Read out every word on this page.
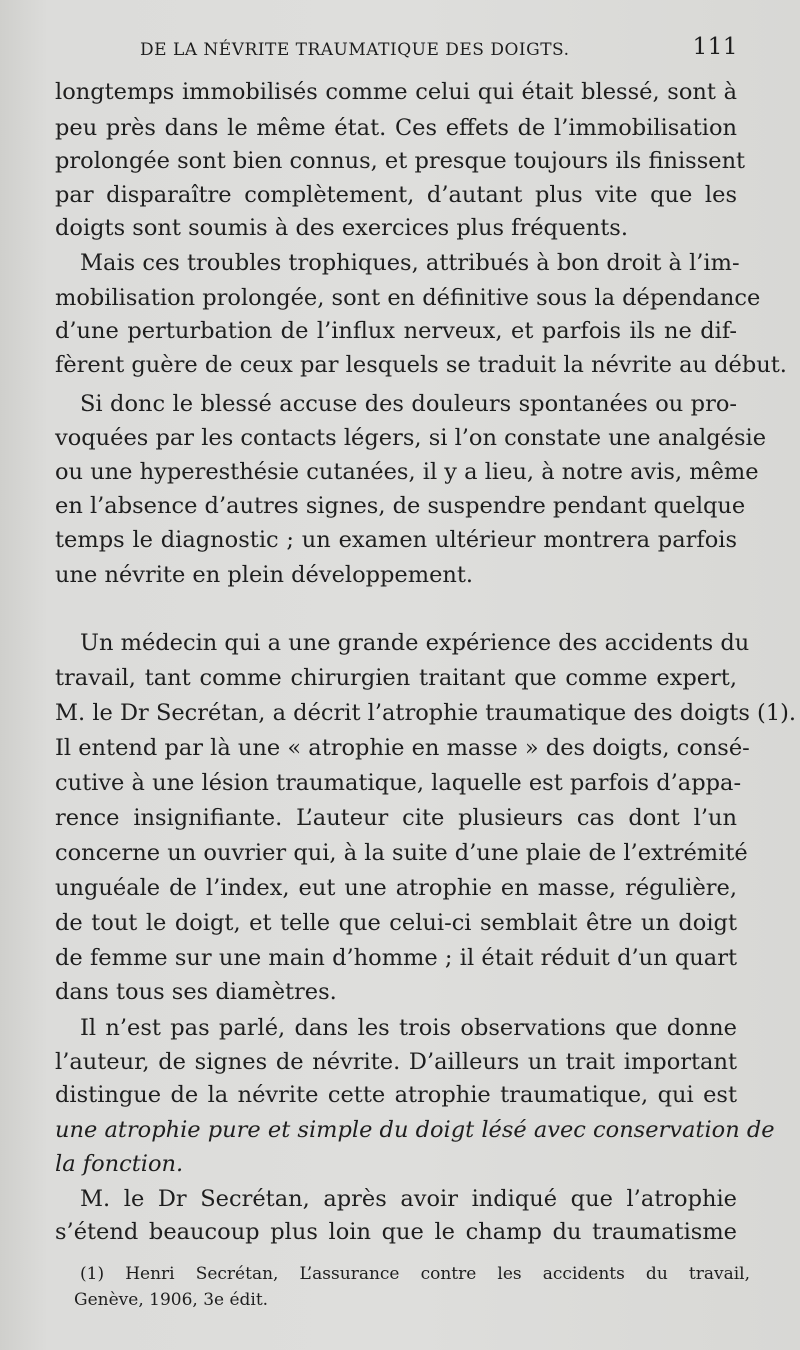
DE LA NÉVRITE TRAUMATIQUE DES DOIGTS.	111
longtemps immobilisés comme celui qui était blessé, sont à
peu près dans le même état. Ces effets de l’immobilisation
prolongée sont bien connus, et presque toujours ils finissent
par disparaître complètement, d’autant plus vite que les
doigts sont soumis à des exercices plus fréquents.
Mais ces troubles trophiques, attribués à bon droit à l’im-
mobilisation prolongée, sont en définitive sous la dépendance
d’une perturbation de l’influx nerveux, et parfois ils ne dif-
fèrent guère de ceux par lesquels se traduit la névrite au début.
Si donc le blessé accuse des douleurs spontanées ou pro-
voquées par les contacts légers, si l’on constate une analgésie
ou une hyperesthésie cutanées, il y a lieu, à notre avis, même
en l’absence d’autres signes, de suspendre pendant quelque
temps le diagnostic ; un examen ultérieur montrera parfois
une névrite en plein développement.
Un médecin qui a une grande expérience des accidents du
travail, tant comme chirurgien traitant que comme expert,
M. le Dr Secrétan, a décrit l’atrophie traumatique des doigts (1).
Il entend par là une « atrophie en masse » des doigts, consé-
cutive à une lésion traumatique, laquelle est parfois d’appa-
rence insignifiante. L’auteur cite plusieurs cas dont l’un
concerne un ouvrier qui, à la suite d’une plaie de l’extrémité
unguéale de l’index, eut une atrophie en masse, régulière,
de tout le doigt, et telle que celui-ci semblait être un doigt
de femme sur une main d’homme ; il était réduit d’un quart
dans tous ses diamètres.
Il n’est pas parlé, dans les trois observations que donne
l’auteur, de signes de névrite. D’ailleurs un trait important
distingue de la névrite cette atrophie traumatique, qui est
une atrophie pure et simple du doigt lésé avec conservation de
la fonction.
M. le Dr Secrétan, après avoir indiqué que l’atrophie
s’étend beaucoup plus loin que le champ du traumatisme
(1) Henri Secrétan, L’assurance contre les accidents du travail,
Genève, 1906, 3e édit.
